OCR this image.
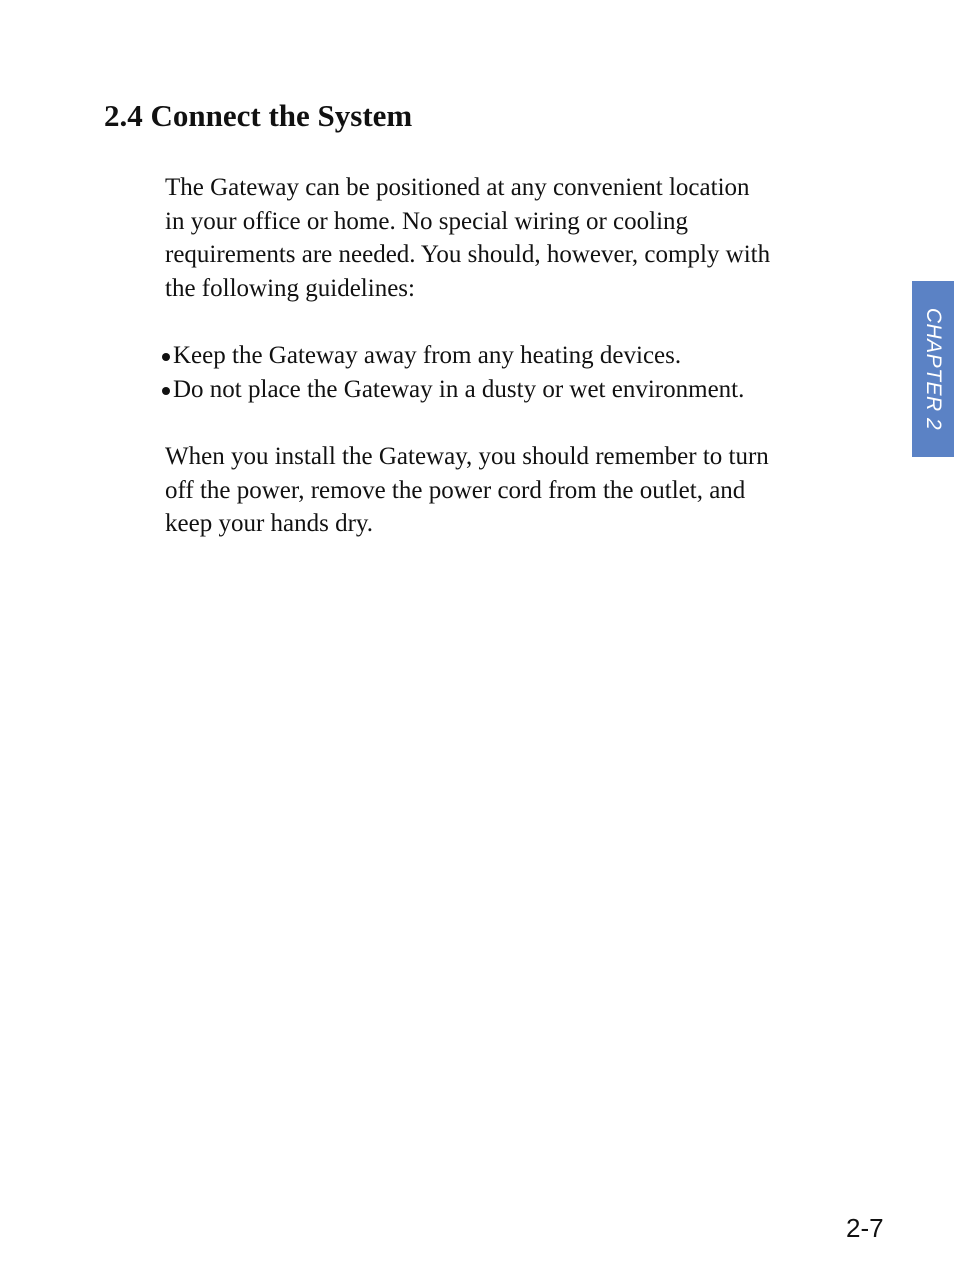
2.4 Connect the System

The Gateway can be positioned at any convenient location
in your office or home. No special wiring or cooling
requirements are needed. You should, however, comply with
the following guidelines:

Keep the Gateway away from any heating devices.
Do not place the Gateway in a dusty or wet environment.

When you install the Gateway, you should remember to turn
off the power, remove the power cord from the outlet, and
keep your hands dry.

CHAPTER 2
2-7
